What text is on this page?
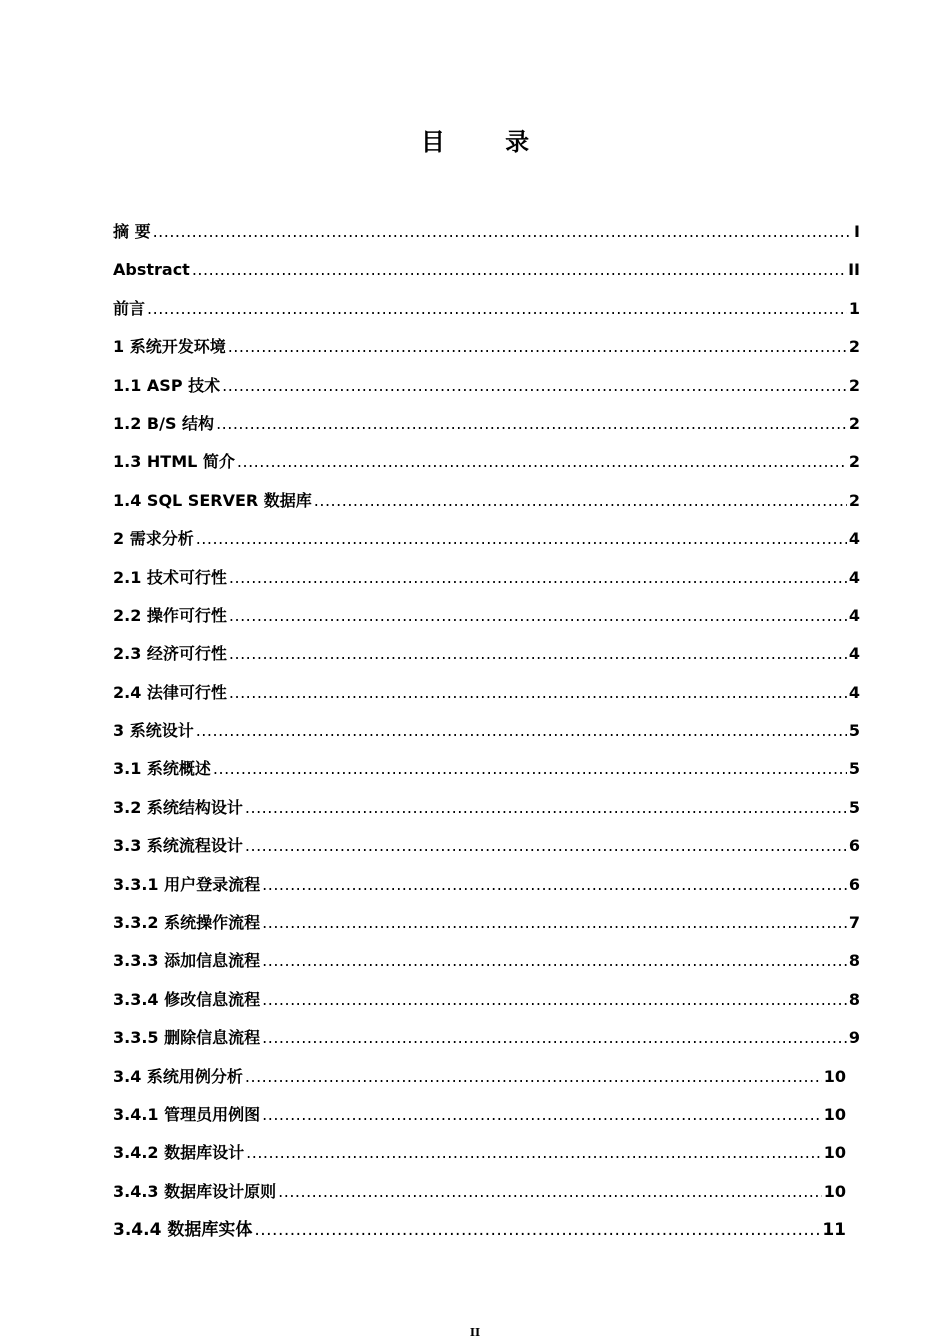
目 录
摘 要 .....	I
Abstract .....	II
前言 .....	1
1 系统开发环境 .....	2
1.1 ASP 技术 .....	2
1.2 B/S 结构 .....	2
1.3 HTML 简介 .....	2
1.4 SQL SERVER 数据库 .....	2
2 需求分析 .....	4
2.1 技术可行性 .....	4
2.2 操作可行性 .....	4
2.3 经济可行性 .....	4
2.4 法律可行性 .....	4
3 系统设计 .....	5
3.1 系统概述 .....	5
3.2 系统结构设计 .....	5
3.3 系统流程设计 .....	6
3.3.1 用户登录流程 .....	6
3.3.2 系统操作流程 .....	7
3.3.3 添加信息流程 .....	8
3.3.4 修改信息流程 .....	8
3.3.5 删除信息流程 .....	9
3.4 系统用例分析 .....	10
3.4.1 管理员用例图 .....	10
3.4.2 数据库设计 .....	10
3.4.3 数据库设计原则 .....	10
3.4.4 数据库实体 .....	11
II
